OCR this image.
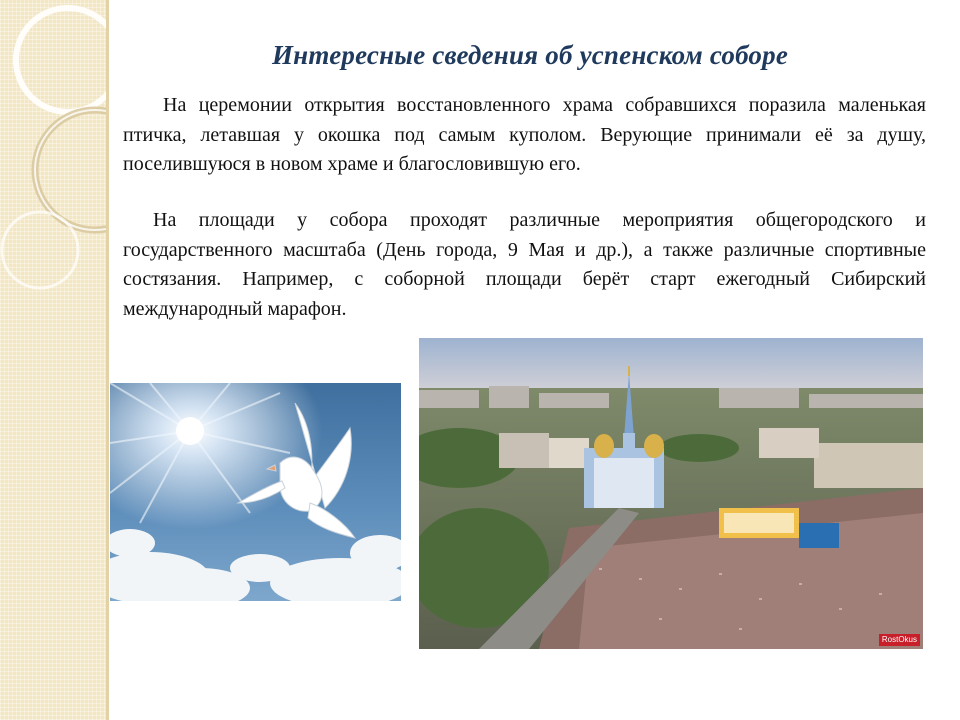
Интересные сведения об успенском соборе

На церемонии открытия восстановленного храма собравшихся поразила маленькая птичка, летавшая у окошка под самым куполом. Верующие принимали её за душу, поселившуюся в новом храме и благословившую его.

На площади у собора проходят различные мероприятия общегородского и государственного масштаба (День города, 9 Мая и др.), а также различные спортивные состязания. Например, с соборной площади берёт старт ежегодный Сибирский международный марафон.

RostOkus
